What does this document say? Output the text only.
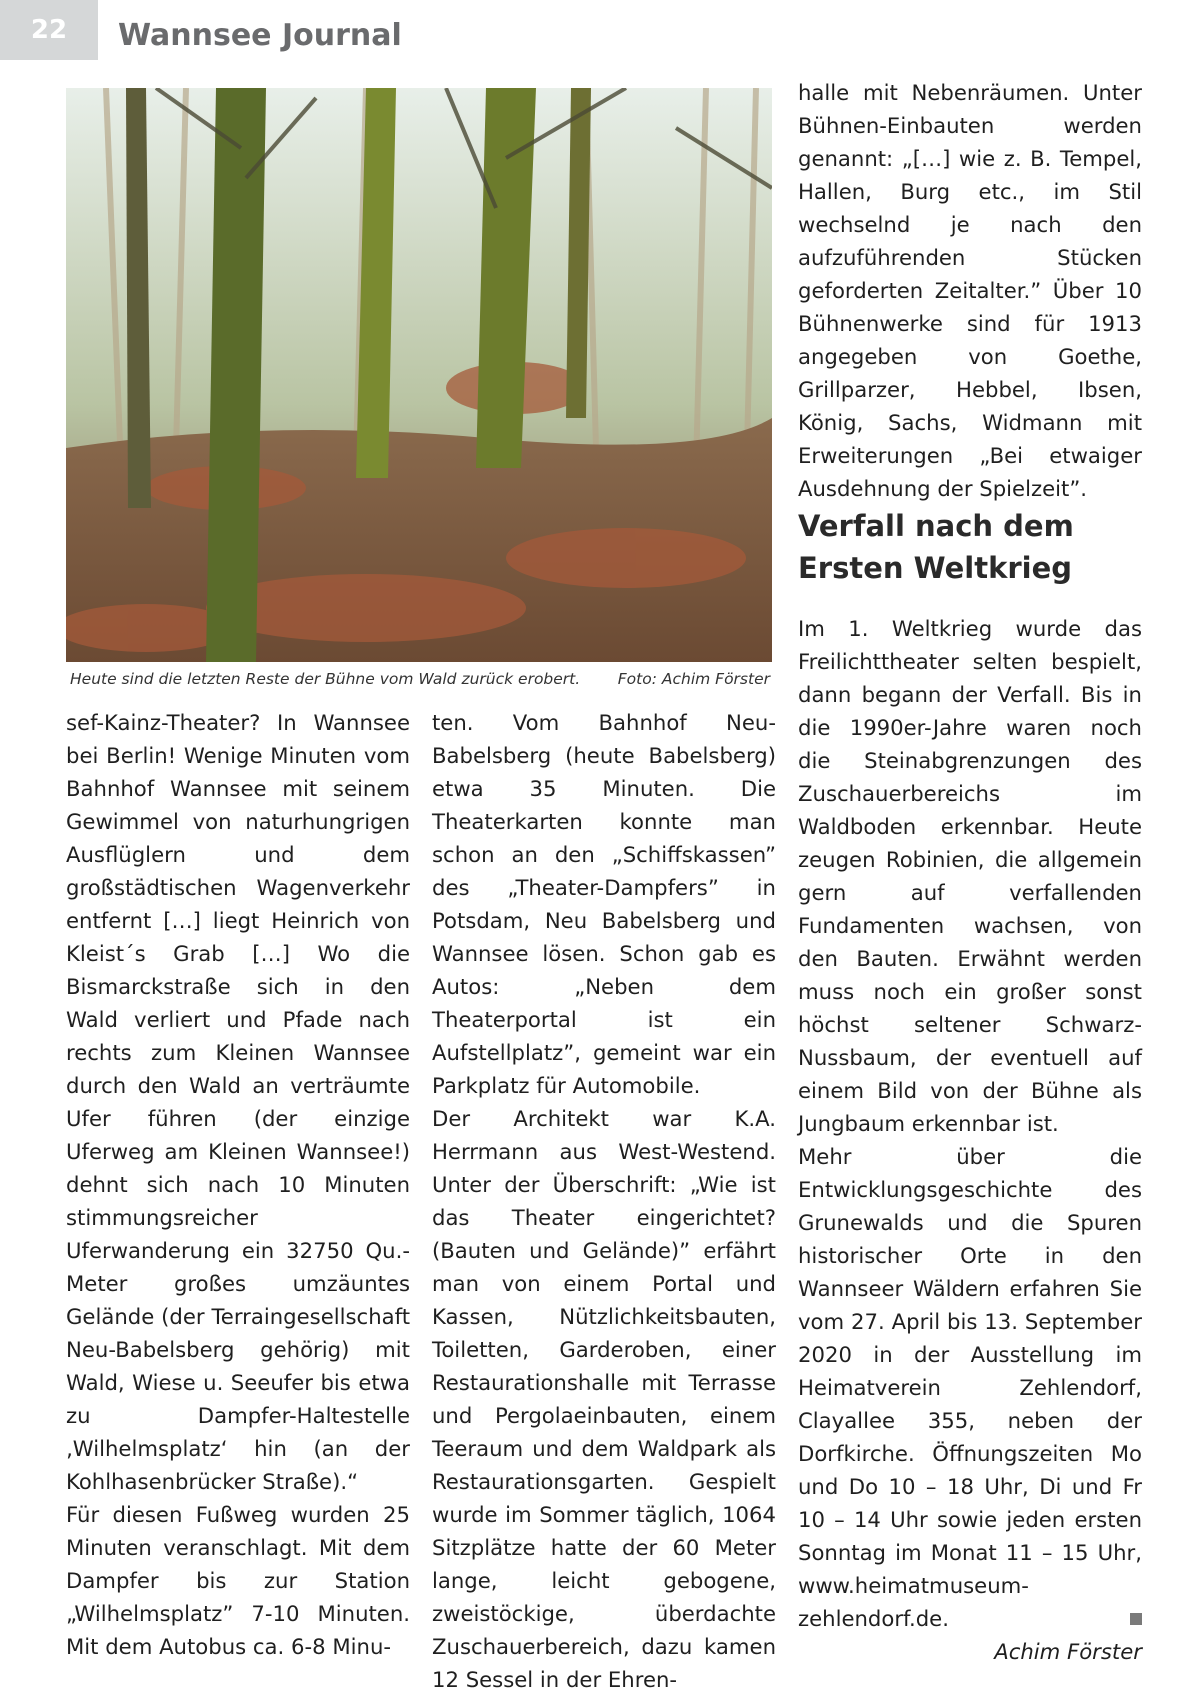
22	Wannsee Journal
Heute sind die letzten Reste der Bühne vom Wald zurück erobert. Foto: Achim Förster

sef-Kainz-Theater? In Wannsee bei Berlin! Wenige Minuten vom Bahnhof Wannsee mit seinem Gewimmel von naturhungrigen Ausflüglern und dem großstädtischen Wagenverkehr entfernt […] liegt Heinrich von Kleist´s Grab […] Wo die Bismarckstraße sich in den Wald verliert und Pfade nach rechts zum Kleinen Wannsee durch den Wald an verträumte Ufer führen (der einzige Uferweg am Kleinen Wannsee!) dehnt sich nach 10 Minuten stimmungsreicher Uferwanderung ein 32750 Qu.-Meter großes umzäuntes Gelände (der Terraingesellschaft Neu-Babelsberg gehörig) mit Wald, Wiese u. Seeufer bis etwa zu Dampfer-Haltestelle ‚Wilhelmsplatz‘ hin (an der Kohlhasenbrücker Straße).“

Für diesen Fußweg wurden 25 Minuten veranschlagt. Mit dem Dampfer bis zur Station „Wilhelmsplatz” 7-10 Minuten. Mit dem Autobus ca. 6-8 Minu-

ten. Vom Bahnhof Neu-Babelsberg (heute Babelsberg) etwa 35 Minuten. Die Theaterkarten konnte man schon an den „Schiffskassen” des „Theater-Dampfers” in Potsdam, Neu Babelsberg und Wannsee lösen. Schon gab es Autos: „Neben dem Theaterportal ist ein Aufstellplatz”, gemeint war ein Parkplatz für Automobile.

Der Architekt war K.A. Herrmann aus West-Westend. Unter der Überschrift: „Wie ist das Theater eingerichtet? (Bauten und Gelände)” erfährt man von einem Portal und Kassen, Nützlichkeitsbauten, Toiletten, Garderoben, einer Restaurationshalle mit Terrasse und Pergolaeinbauten, einem Teeraum und dem Waldpark als Restaurationsgarten. Gespielt wurde im Sommer täglich, 1064 Sitzplätze hatte der 60 Meter lange, leicht gebogene, zweistöckige, überdachte Zuschauerbereich, dazu kamen 12 Sessel in der Ehren-

halle mit Nebenräumen. Unter Bühnen-Einbauten werden genannt: „[…] wie z. B. Tempel, Hallen, Burg etc., im Stil wechselnd je nach den aufzuführenden Stücken geforderten Zeitalter.” Über 10 Bühnenwerke sind für 1913 angegeben von Goethe, Grillparzer, Hebbel, Ibsen, König, Sachs, Widmann mit Erweiterungen „Bei etwaiger Ausdehnung der Spielzeit”.

Verfall nach dem Ersten Weltkrieg

Im 1. Weltkrieg wurde das Freilichttheater selten bespielt, dann begann der Verfall. Bis in die 1990er-Jahre waren noch die Steinabgrenzungen des Zuschauerbereichs im Waldboden erkennbar. Heute zeugen Robinien, die allgemein gern auf verfallenden Fundamenten wachsen, von den Bauten. Erwähnt werden muss noch ein großer sonst höchst seltener Schwarz-Nussbaum, der eventuell auf einem Bild von der Bühne als Jungbaum erkennbar ist.

Mehr über die Entwicklungsgeschichte des Grunewalds und die Spuren historischer Orte in den Wannseer Wäldern erfahren Sie vom 27. April bis 13. September 2020 in der Ausstellung im Heimatverein Zehlendorf, Clayallee 355, neben der Dorfkirche. Öffnungszeiten Mo und Do 10 – 18 Uhr, Di und Fr 10 – 14 Uhr sowie jeden ersten Sonntag im Monat 11 – 15 Uhr, www.heimatmuseum-zehlendorf.de.

Achim Förster
